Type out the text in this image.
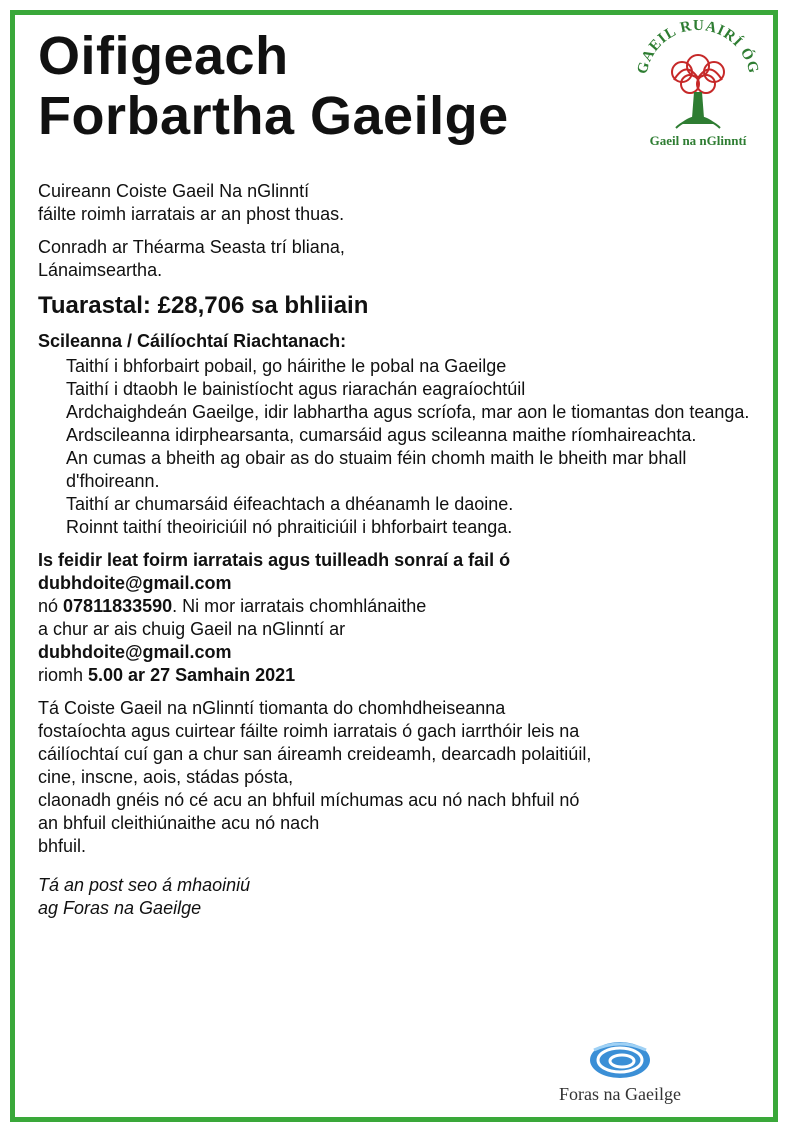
Oifigeach
Forbartha Gaeilge
GAEIL RUAIRÍ ÓG
Gaeil na nGlinntí

Cuireann Coiste Gaeil Na nGlinntí

fáilte roimh iarratais ar an phost thuas.

Conradh ar Théarma Seasta trí bliana,

Lánaimseartha.

Tuarastal: £28,706 sa bhliiain

Scileanna / Cáilíochtaí Riachtanach:

Taithí i bhforbairt pobail, go háirithe le pobal na Gaeilge
Taithí i dtaobh le bainistíocht agus riarachán eagraíochtúil
Ardchaighdeán Gaeilge, idir labhartha agus scríofa, mar aon le tiomantas don teanga.
Ardscileanna idirphearsanta, cumarsáid agus scileanna maithe ríomhaireachta.
An cumas a bheith ag obair as do stuaim féin chomh maith le bheith mar bhall d'fhoireann.
Taithí ar chumarsáid éifeachtach a dhéanamh le daoine.
Roinnt taithí theoiriciúil nó phraiticiúil i bhforbairt teanga.

Is feidir leat foirm iarratais agus tuilleadh sonraí a fail ó

dubhdoite@gmail.com

nó 07811833590. Ni mor iarratais chomhlánaithe

a chur ar ais chuig Gaeil na nGlinntí ar

dubhdoite@gmail.com

riomh 5.00 ar 27 Samhain 2021

Tá Coiste Gaeil na nGlinntí tiomanta do chomhdheiseanna

fostaíochta agus cuirtear fáilte roimh iarratais ó gach iarrthóir leis na

cáilíochtaí cuí gan a chur san áireamh creideamh, dearcadh polaitiúil,

cine, inscne, aois, stádas pósta,

claonadh gnéis nó cé acu an bhfuil míchumas acu nó nach bhfuil nó

an bhfuil cleithiúnaithe acu nó nach

bhfuil.

Tá an post seo á mhaoiniú

ag Foras na Gaeilge

Foras na Gaeilge
